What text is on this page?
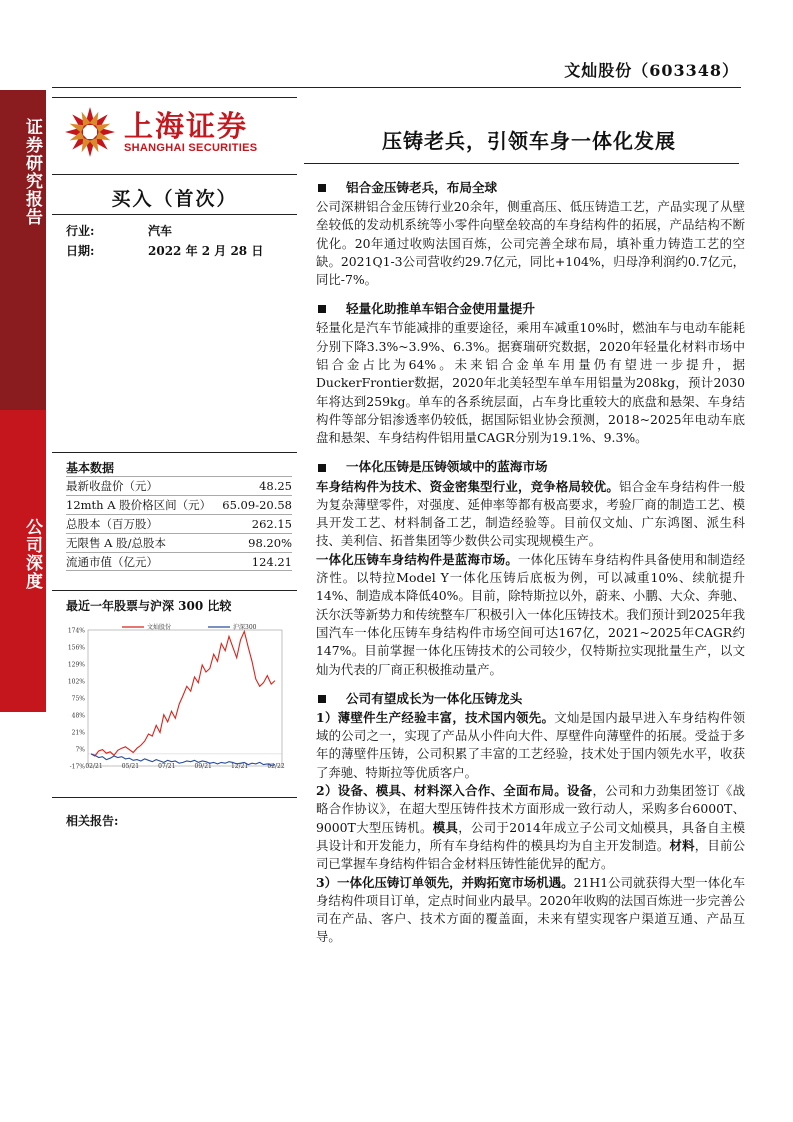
文灿股份（603348）
证券研究报告
公司深度
上海证券
SHANGHAI SECURITIES	压铸老兵，引领车身一体化发展
买入（首次）
行业:	汽车
日期:	2022 年 2 月 28 日
基本数据
最新收盘价（元）	48.25
12mth A 股价格区间（元） 65.09-20.58
总股本（百万股）	262.15
无限售 A 股/总股本	98.20%
流通市值（亿元）	124.21
最近一年股票与沪深 300 比较
174%
156%
129%
102%
75%
48%
21%
7%
-17% 02/21	05/21	07/21	09/21	12/21	02/22
文灿股份	沪深300
相关报告:
铝合金压铸老兵，布局全球
公司深耕铝合金压铸行业20余年，侧重高压、低压铸造工艺，产品实现了从壁垒较低的发动机系统等小零件向壁垒较高的车身结构件的拓展，产品结构不断优化。20年通过收购法国百炼，公司完善全球布局，填补重力铸造工艺的空缺。2021Q1-3公司营收约29.7亿元，同比+104%，归母净利润约0.7亿元，同比-7%。
轻量化助推单车铝合金使用量提升
轻量化是汽车节能减排的重要途径，乘用车减重10%时，燃油车与电动车能耗分别下降3.3%~3.9%、6.3%。据赛瑞研究数据，2020年轻量化材料市场中铝合金占比为64%。未来铝合金单车用量仍有望进一步提升，据DuckerFrontier数据，2020年北美轻型车单车用铝量为208kg，预计2030年将达到259kg。单车的各系统层面，占车身比重较大的底盘和悬架、车身结构件等部分铝渗透率仍较低，据国际铝业协会预测，2018~2025年电动车底盘和悬架、车身结构件铝用量CAGR分别为19.1%、9.3%。
一体化压铸是压铸领域中的蓝海市场
车身结构件为技术、资金密集型行业，竞争格局较优。铝合金车身结构件一般为复杂薄壁零件，对强度、延伸率等都有极高要求，考验厂商的制造工艺、模具开发工艺、材料制备工艺，制造经验等。目前仅文灿、广东鸿图、派生科技、美利信、拓普集团等少数供公司实现规模生产。
一体化压铸车身结构件是蓝海市场。一体化压铸车身结构件具备使用和制造经济性。以特拉Model Y一体化压铸后底板为例，可以减重10%、续航提升14%、制造成本降低40%。目前，除特斯拉以外，蔚来、小鹏、大众、奔驰、沃尔沃等新势力和传统整车厂积极引入一体化压铸技术。我们预计到2025年我国汽车一体化压铸车身结构件市场空间可达167亿，2021~2025年CAGR约147%。目前掌握一体化压铸技术的公司较少，仅特斯拉实现批量生产，以文灿为代表的厂商正积极推动量产。
公司有望成长为一体化压铸龙头
1）薄壁件生产经验丰富，技术国内领先。文灿是国内最早进入车身结构件领域的公司之一，实现了产品从小件向大件、厚壁件向薄壁件的拓展。受益于多年的薄壁件压铸，公司积累了丰富的工艺经验，技术处于国内领先水平，收获了奔驰、特斯拉等优质客户。
2）设备、模具、材料深入合作、全面布局。设备，公司和力劲集团签订《战略合作协议》，在超大型压铸件技术方面形成一致行动人，采购多台6000T、9000T大型压铸机。模具，公司于2014年成立子公司文灿模具，具备自主模具设计和开发能力，所有车身结构件的模具均为自主开发制造。材料，目前公司已掌握车身结构件铝合金材料压铸性能优异的配方。
3）一体化压铸订单领先，并购拓宽市场机遇。21H1公司就获得大型一体化车身结构件项目订单，定点时间业内最早。2020年收购的法国百炼进一步完善公司在产品、客户、技术方面的覆盖面，未来有望实现客户渠道互通、产品互导。
